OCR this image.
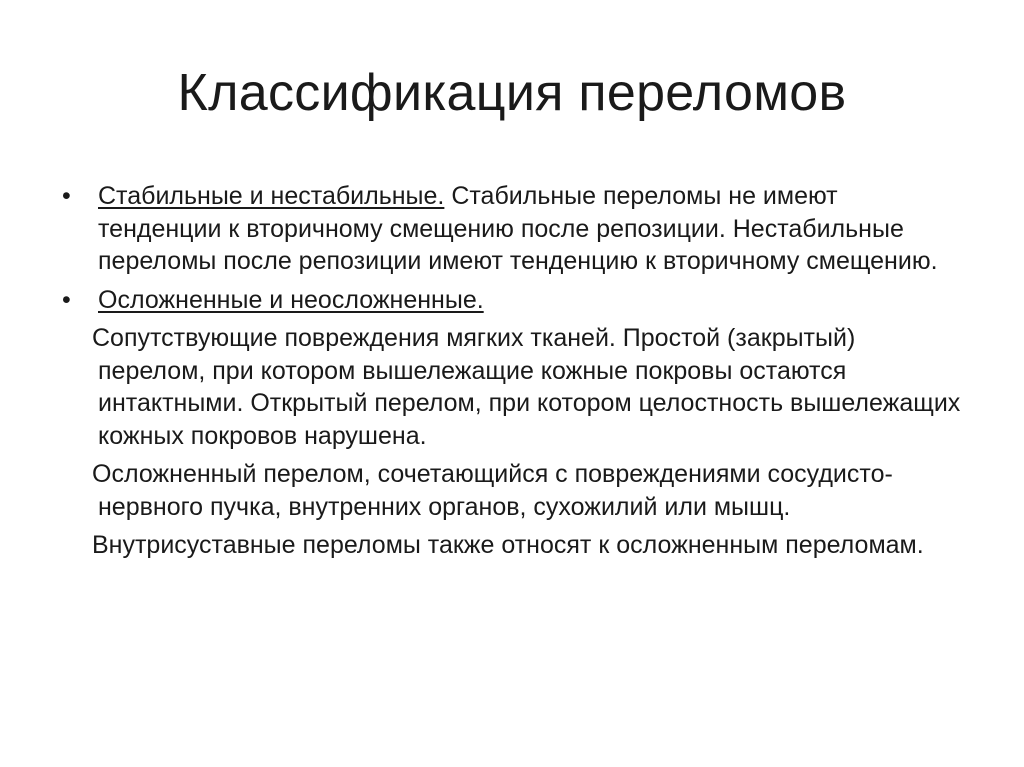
Классификация переломов
• Стабильные и нестабильные. Стабильные переломы не имеют тенденции к вторичному смещению после репозиции. Нестабильные переломы после репозиции имеют тенденцию к вторичному смещению.
• Осложненные и неосложненные.

Сопутствующие повреждения мягких тканей. Простой (закрытый) перелом, при котором вышележащие кожные покровы остаются интактными. Открытый перелом, при котором целостность вышележащих кожных покровов нарушена.

Осложненный перелом, сочетающийся с повреждениями сосудисто-нервного пучка, внутренних органов, сухожилий или мышц.

Внутрисуставные переломы также относят к осложненным переломам.
